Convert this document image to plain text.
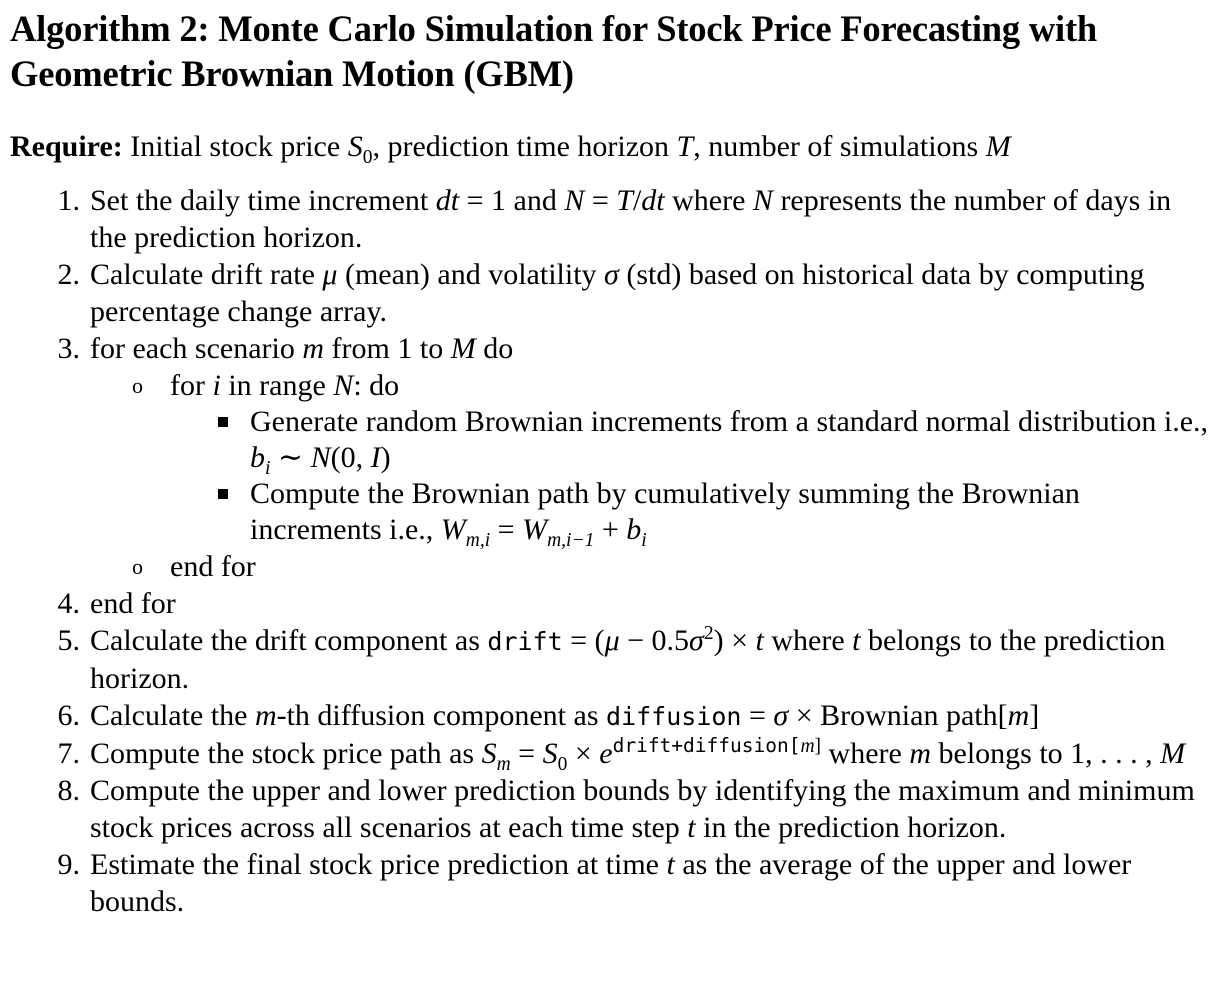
Algorithm 2: Monte Carlo Simulation for Stock Price Forecasting with Geometric Brownian Motion (GBM)
Require: Initial stock price $S_0$, prediction time horizon T, number of simulations M
1. Set the daily time increment dt = 1 and N = T/dt where N represents the number of days in the prediction horizon.
2. Calculate drift rate μ (mean) and volatility σ (std) based on historical data by computing percentage change array.
3. for each scenario m from 1 to M do
o for i in range N: do
Generate random Brownian increments from a standard normal distribution i.e., $b_i$ ∼ N(0, I)
Compute the Brownian path by cumulatively summing the Brownian increments i.e., $W_{m,i} = W_{m,i-1} + b_i$
o end for
4. end for
5. Calculate the drift component as drift = $(\mu - 0.5\sigma^2) \times t$ where t belongs to the prediction horizon.
6. Calculate the m-th diffusion component as diffusion = σ × Brownian path[m]
7. Compute the stock price path as $S_m = S_0 \times e^{drift+diffusion[m]}$ where m belongs to 1, . . . , M
8. Compute the upper and lower prediction bounds by identifying the maximum and minimum stock prices across all scenarios at each time step t in the prediction horizon.
9. Estimate the final stock price prediction at time t as the average of the upper and lower bounds.
